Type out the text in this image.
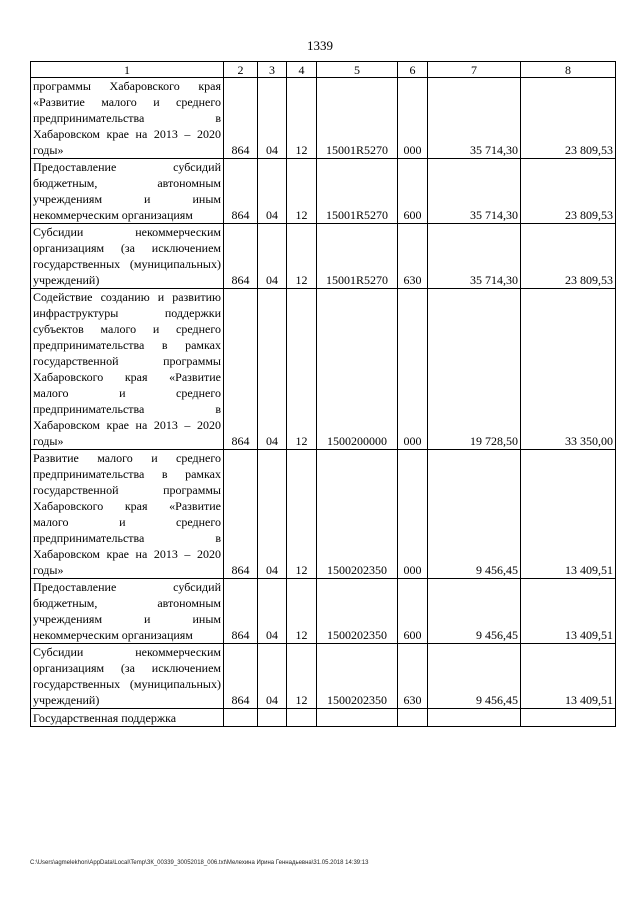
1339
1	2	3	4	5	6	7	8
программы Хабаровского края «Развитие малого и среднего предпринимательства в Хабаровском крае на 2013 – 2020 годы»	864	04	12	15001R5270	000	35 714,30	23 809,53
Предоставление субсидий бюджетным, автономным учреждениям и иным некоммерческим организациям	864	04	12	15001R5270	600	35 714,30	23 809,53
Субсидии некоммерческим организациям (за исключением государственных (муниципальных) учреждений)	864	04	12	15001R5270	630	35 714,30	23 809,53
Содействие созданию и развитию инфраструктуры поддержки субъектов малого и среднего предпринимательства в рамках государственной программы Хабаровского края «Развитие малого и среднего предпринимательства в Хабаровском крае на 2013 – 2020 годы»	864	04	12	1500200000	000	19 728,50	33 350,00
Развитие малого и среднего предпринимательства в рамках государственной программы Хабаровского края «Развитие малого и среднего предпринимательства в Хабаровском крае на 2013 – 2020 годы»	864	04	12	1500202350	000	9 456,45	13 409,51
Предоставление субсидий бюджетным, автономным учреждениям и иным некоммерческим организациям	864	04	12	1500202350	600	9 456,45	13 409,51
Субсидии некоммерческим организациям (за исключением государственных (муниципальных) учреждений)	864	04	12	1500202350	630	9 456,45	13 409,51
Государственная поддержка							
C:\Users\agmelekhon\AppData\Local\Temp\ЗК_00339_30052018_006.txt\Мелехина Ирина Геннадьевна\31.05.2018 14:39:13
